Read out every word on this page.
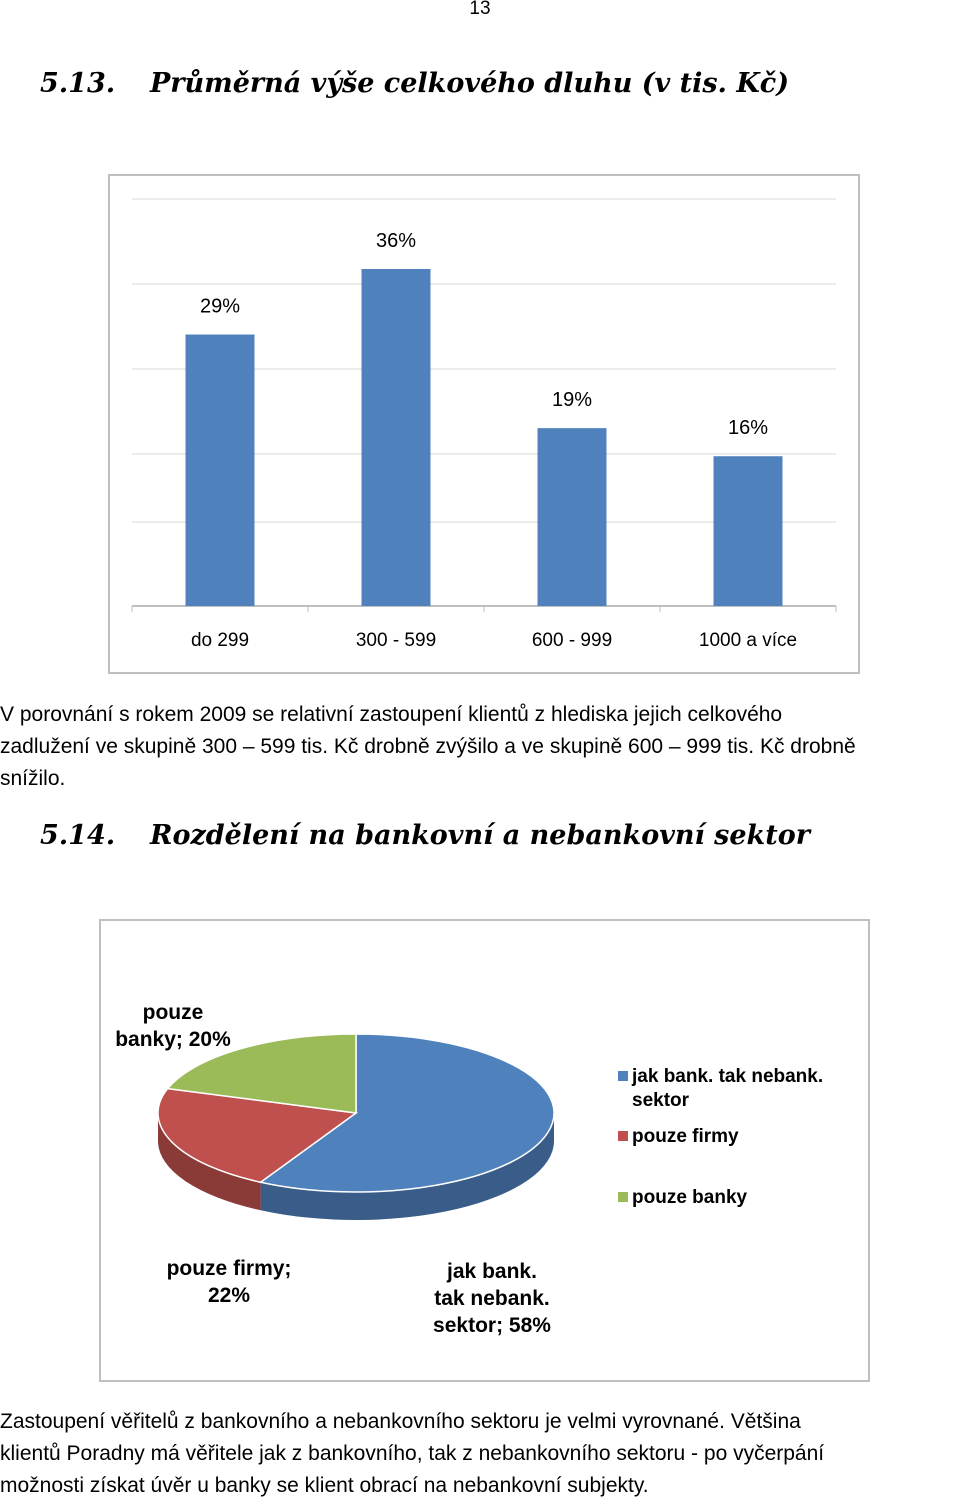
13
5.13. Průměrná výše celkového dluhu (v tis. Kč)
29%
do 299
36%
300 - 599
19%
600 - 999
16%
1000 a více
V porovnání s rokem 2009 se relativní zastoupení klientů z hlediska jejich celkového
zadlužení ve skupině 300 – 599 tis. Kč drobně zvýšilo a ve skupině 600 – 999 tis. Kč drobně
snížilo.
5.14. Rozdělení na bankovní a nebankovní sektor
jak bank. tak nebank. sektor; 58%
pouze firmy; 22%
pouze banky; 20%
jak bank. tak nebank. sektor
pouze firmy
pouze banky
Zastoupení věřitelů z bankovního a nebankovního sektoru je velmi vyrovnané. Většina
klientů Poradny má věřitele jak z bankovního, tak z nebankovního sektoru - po vyčerpání
možnosti získat úvěr u banky se klient obrací na nebankovní subjekty.
